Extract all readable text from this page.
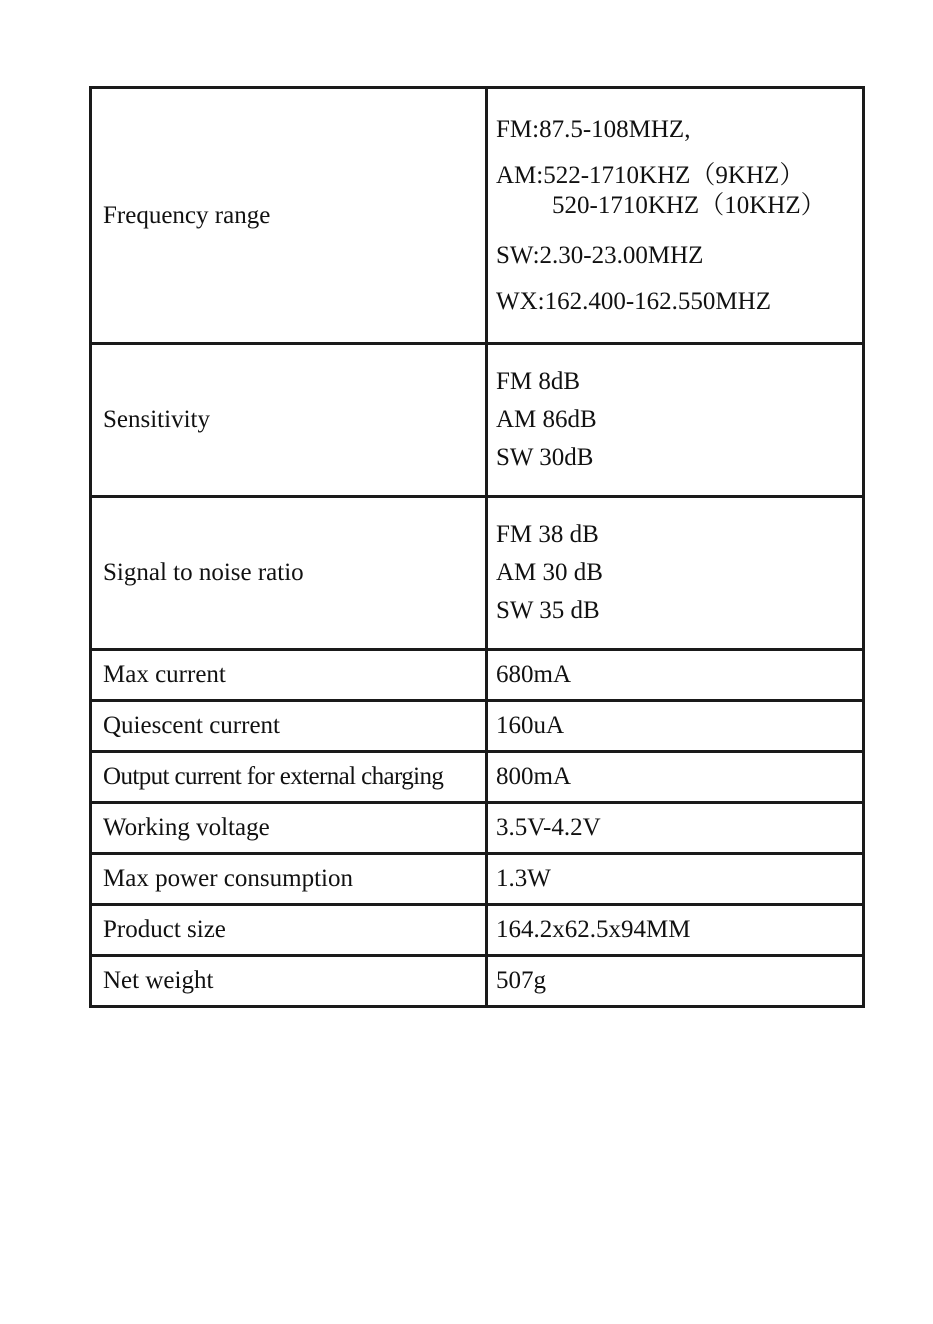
Frequency range	FM:87.5-108MHZ,
AM:522-1710KHZ（9KHZ）
520-1710KHZ（10KHZ）
SW:2.30-23.00MHZ
WX:162.400-162.550MHZ

Sensitivity	FM 8dB
AM 86dB
SW 30dB

Signal to noise ratio	FM 38 dB
AM 30 dB
SW 35 dB

Max current	680mA
Quiescent current	160uA
Output current for external charging	800mA
Working voltage	3.5V-4.2V
Max power consumption	1.3W
Product size	164.2x62.5x94MM
Net weight	507g
